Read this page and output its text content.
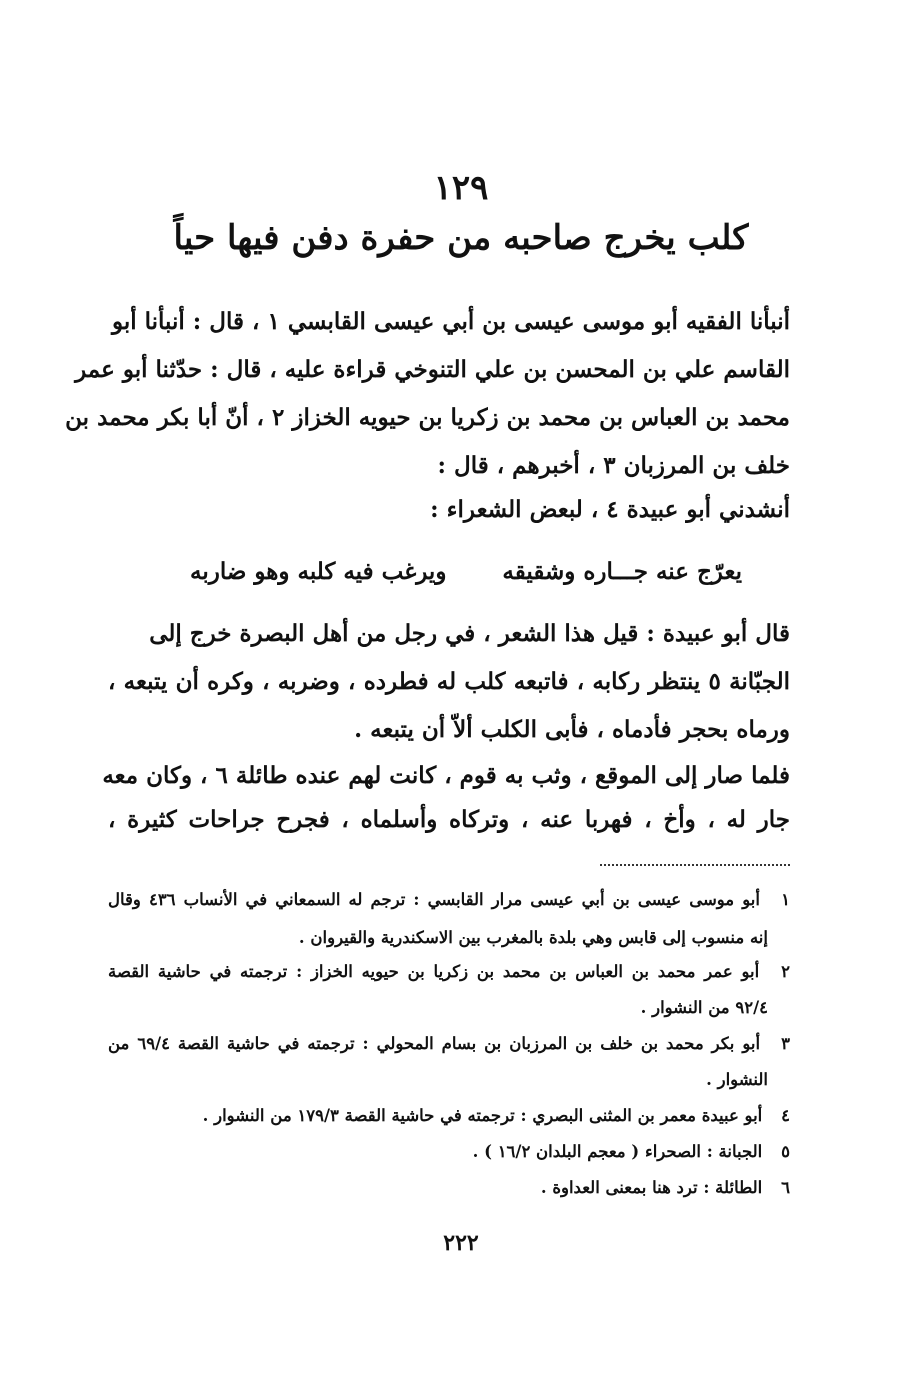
١٢٩
كلب يخرج صاحبه من حفرة دفن فيها حياً
أنبأنا الفقيه أبو موسى عيسى بن أبي عيسى القابسي ١ ، قال : أنبأنا أبو
القاسم علي بن المحسن بن علي التنوخي قراءة عليه ، قال : حدّثنا أبو عمر
محمد بن العباس بن محمد بن زكريا بن حيويه الخزاز ٢ ، أنّ أبا بكر محمد بن
خلف بن المرزبان ٣ ، أخبرهم ، قال :
أنشدني أبو عبيدة ٤ ، لبعض الشعراء :
يعرّج عنه جـــاره وشقيقه
ويرغب فيه كلبه وهو ضاربه
قال أبو عبيدة : قيل هذا الشعر ، في رجل من أهل البصرة خرج إلى
الجبّانة ٥ ينتظر ركابه ، فاتبعه كلب له فطرده ، وضربه ، وكره أن يتبعه ،
ورماه بحجر فأدماه ، فأبى الكلب ألاّ أن يتبعه .
فلما صار إلى الموقع ، وثب به قوم ، كانت لهم عنده طائلة ٦ ، وكان معه
جار له ، وأخ ، فهربا عنه ، وتركاه وأسلماه ، فجرح جراحات كثيرة ،
١ أبو موسى عيسى بن أبي عيسى مرار القابسي : ترجم له السمعاني في الأنساب ٤٣٦ وقال
إنه منسوب إلى قابس وهي بلدة بالمغرب بين الاسكندرية والقيروان .
٢ أبو عمر محمد بن العباس بن محمد بن زكريا بن حيويه الخزاز : ترجمته في حاشية القصة
٩٢/٤ من النشوار .
٣ أبو بكر محمد بن خلف بن المرزبان بن بسام المحولي : ترجمته في حاشية القصة ٦٩/٤ من
النشوار .
٤ أبو عبيدة معمر بن المثنى البصري : ترجمته في حاشية القصة ١٧٩/٣ من النشوار .
٥ الجبانة : الصحراء ( معجم البلدان ١٦/٢ ) .
٦ الطائلة : ترد هنا بمعنى العداوة .
٢٢٢
